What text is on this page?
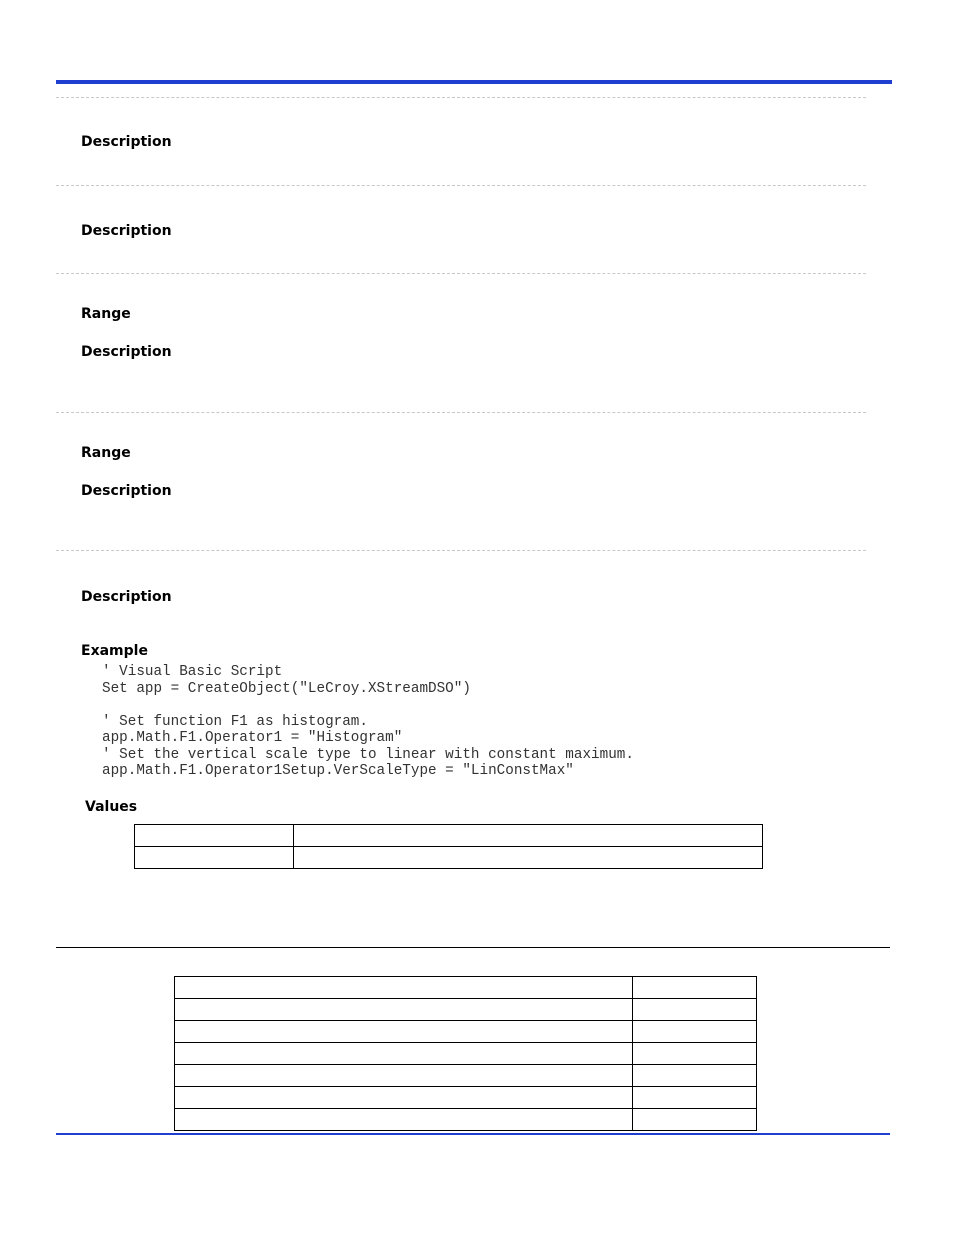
Description
Description
Range
Description
Range
Description
Description
Example
' Visual Basic Script
Set app = CreateObject("LeCroy.XStreamDSO")

' Set function F1 as histogram.
app.Math.F1.Operator1 = "Histogram"
' Set the vertical scale type to linear with constant maximum.
app.Math.F1.Operator1Setup.VerScaleType = "LinConstMax"
Values
